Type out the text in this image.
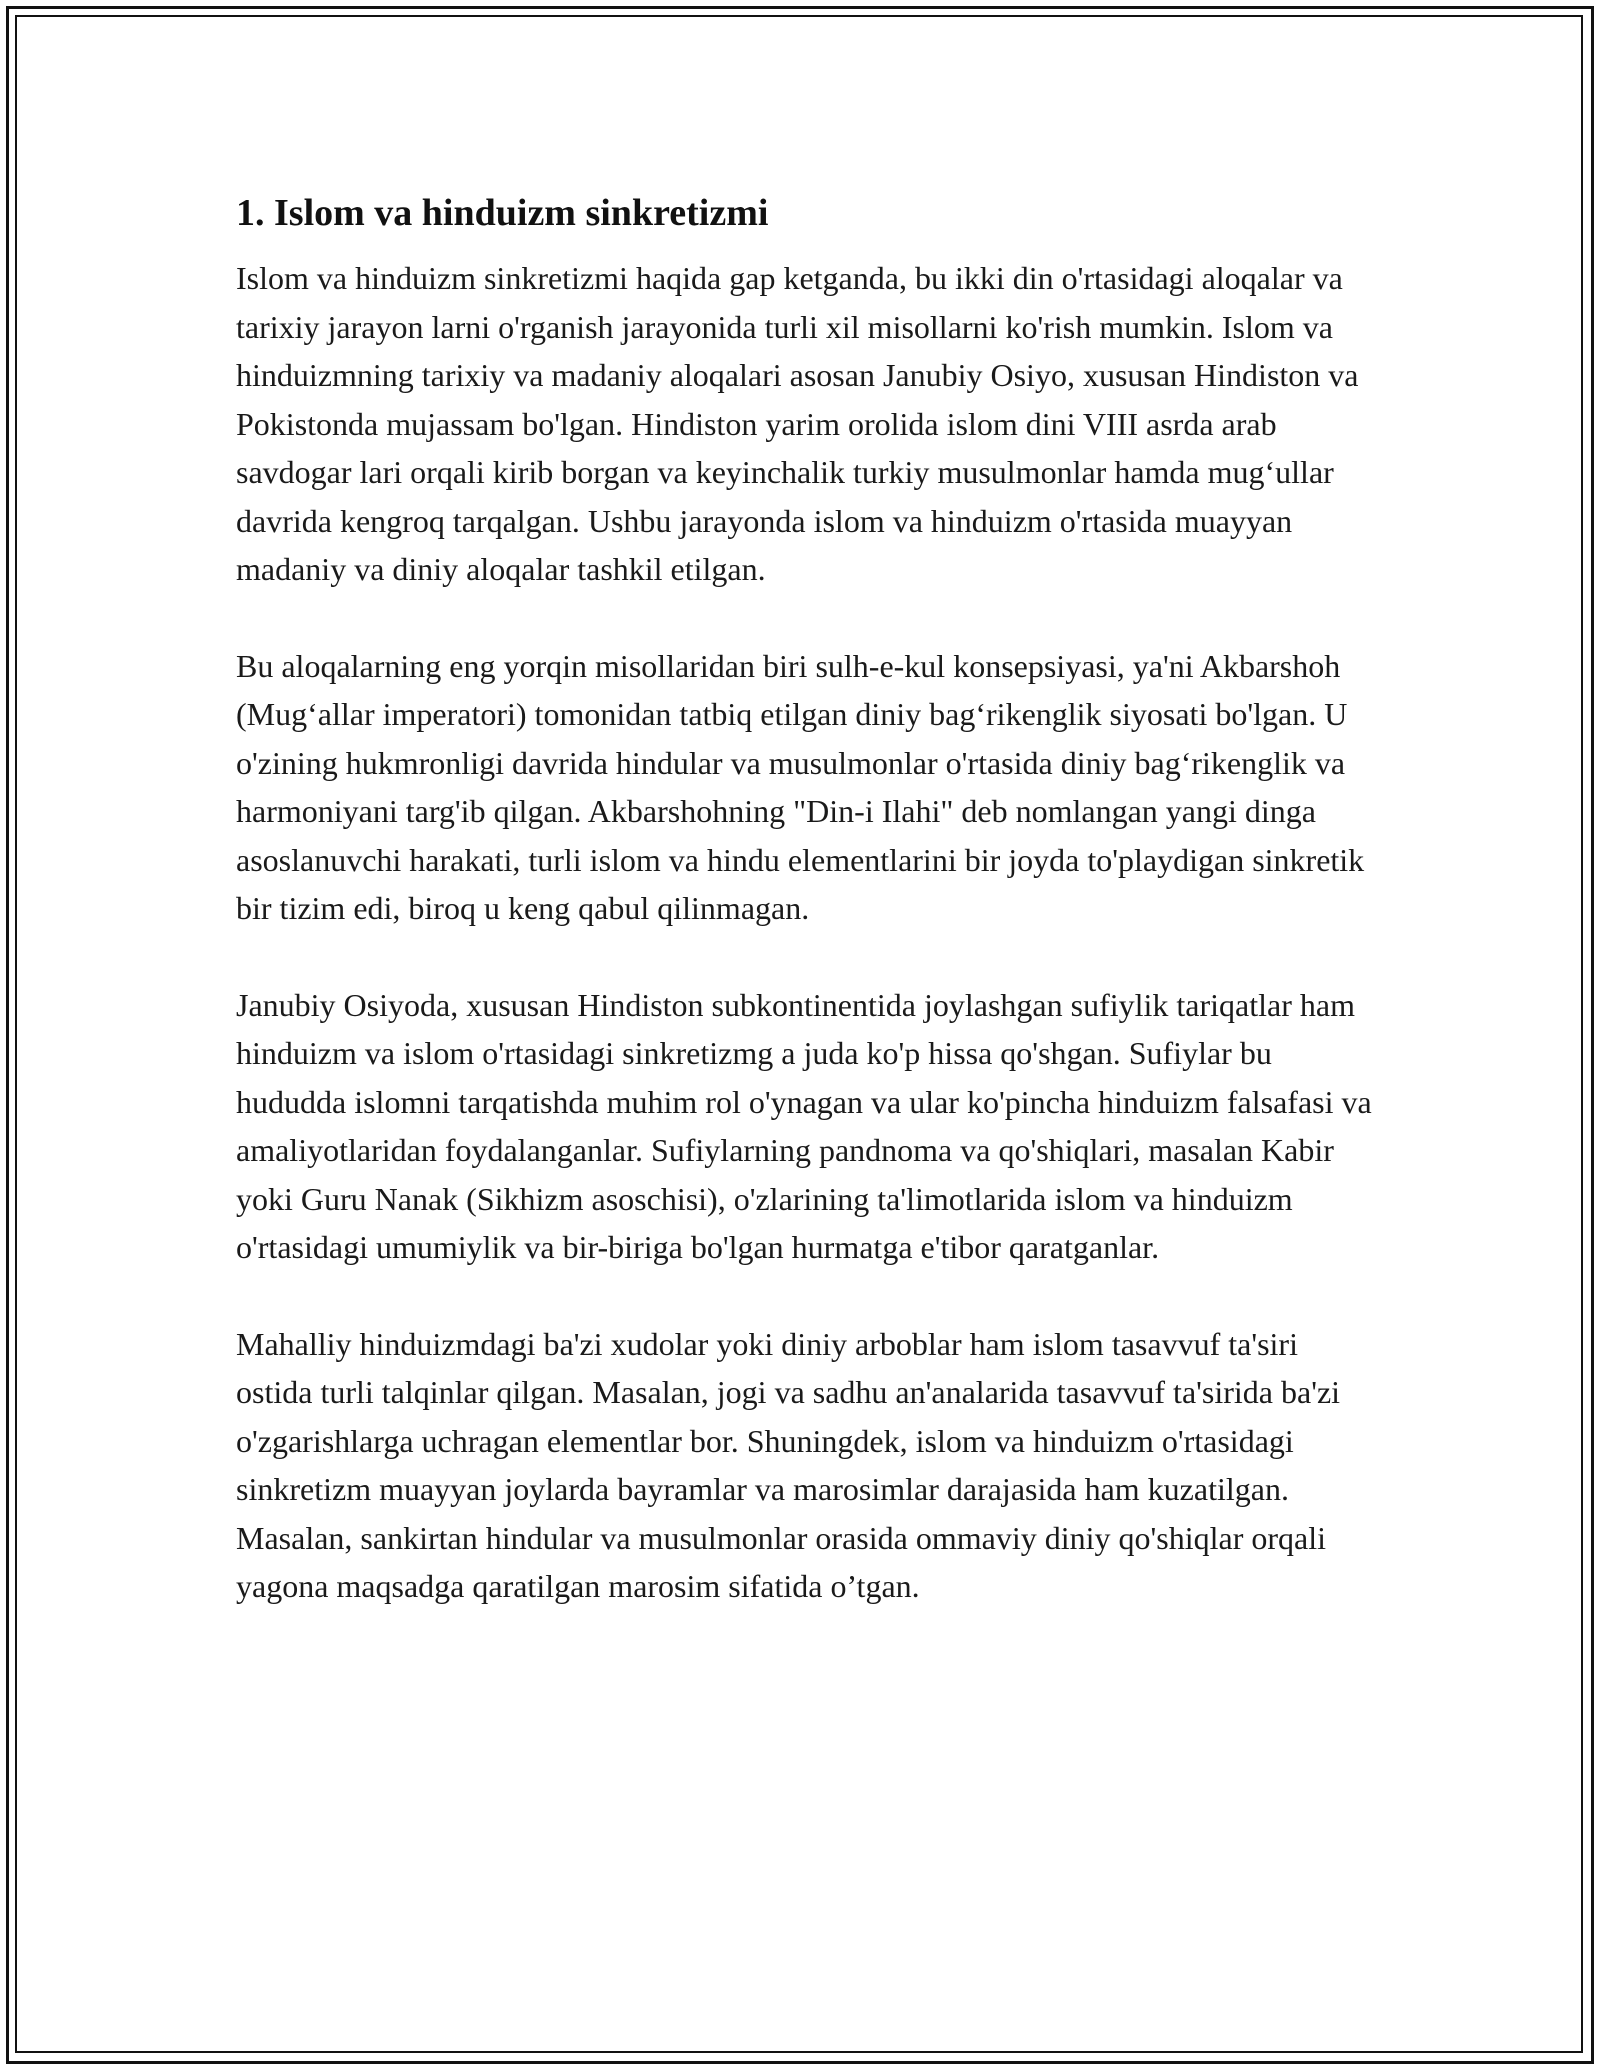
1. Islom va hinduizm sinkretizmi

Islom va hinduizm sinkretizmi haqida gap ketganda, bu ikki din o'rtasidagi aloqalar va tarixiy jarayon larni o'rganish jarayonida turli xil misollarni ko'rish mumkin. Islom va hinduizmning tarixiy va madaniy aloqalari asosan Janubiy Osiyo, xususan Hindiston va Pokistonda mujassam bo'lgan. Hindiston yarim orolida islom dini VIII asrda arab savdogar lari orqali kirib borgan va keyinchalik turkiy musulmonlar hamda mug‘ullar davrida kengroq tarqalgan. Ushbu jarayonda islom va hinduizm o'rtasida muayyan madaniy va diniy aloqalar tashkil etilgan.

Bu aloqalarning eng yorqin misollaridan biri sulh-e-kul konsepsiyasi, ya'ni Akbarshoh (Mug‘allar imperatori) tomonidan tatbiq etilgan diniy bag‘rikenglik siyosati bo'lgan. U o'zining hukmronligi davrida hindular va musulmonlar o'rtasida diniy bag‘rikenglik va harmoniyani targ'ib qilgan. Akbarshohning "Din-i Ilahi" deb nomlangan yangi dinga asoslanuvchi harakati, turli islom va hindu elementlarini bir joyda to'playdigan sinkretik bir tizim edi, biroq u keng qabul qilinmagan.

Janubiy Osiyoda, xususan Hindiston subkontinentida joylashgan sufiylik tariqatlar ham hinduizm va islom o'rtasidagi sinkretizmg a juda ko'p hissa qo'shgan. Sufiylar bu hududda islomni tarqatishda muhim rol o'ynagan va ular ko'pincha hinduizm falsafasi va amaliyotlaridan foydalanganlar. Sufiylarning pandnoma va qo'shiqlari, masalan Kabir yoki Guru Nanak (Sikhizm asoschisi), o'zlarining ta'limotlarida islom va hinduizm o'rtasidagi umumiylik va bir-biriga bo'lgan hurmatga e'tibor qaratganlar.

Mahalliy hinduizmdagi ba'zi xudolar yoki diniy arboblar ham islom tasavvuf ta'siri ostida turli talqinlar qilgan. Masalan, jogi va sadhu an'analarida tasavvuf ta'sirida ba'zi o'zgarishlarga uchragan elementlar bor. Shuningdek, islom va hinduizm o'rtasidagi sinkretizm muayyan joylarda bayramlar va marosimlar darajasida ham kuzatilgan. Masalan, sankirtan hindular va musulmonlar orasida ommaviy diniy qo'shiqlar orqali yagona maqsadga qaratilgan marosim sifatida o’tgan.
